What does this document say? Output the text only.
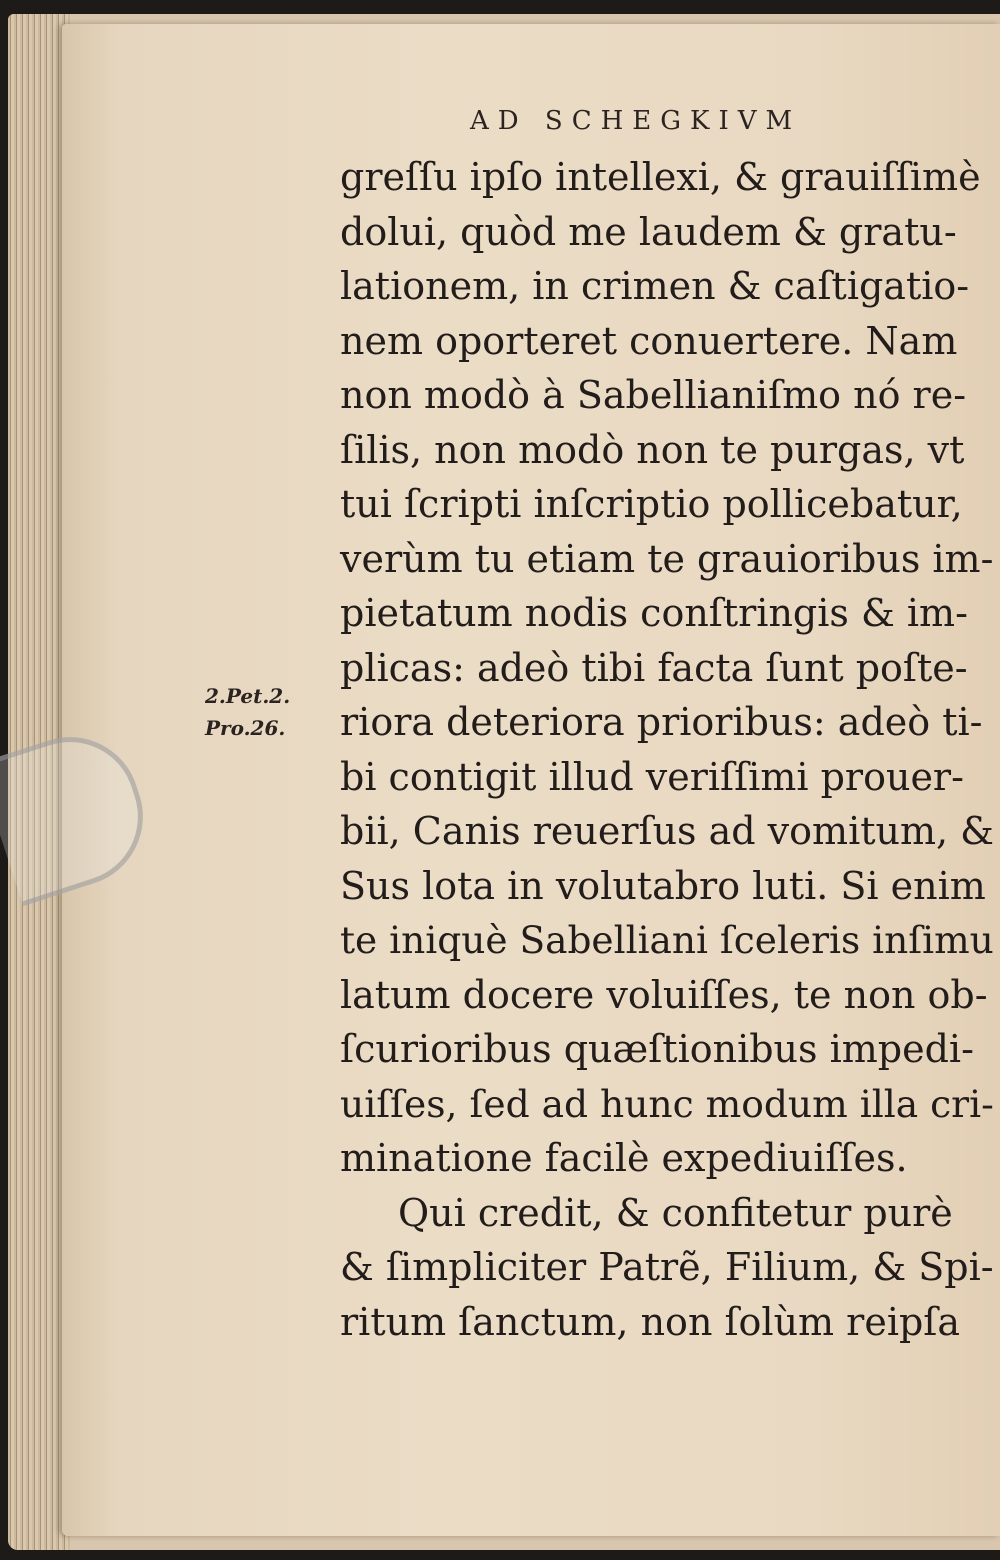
AD SCHEGKIVM
2.Pet.2.
Pro.26.
greſſu ipſo intellexi, & grauiſſimè
dolui, quòd me laudem & gratu-
lationem, in crimen & caſtigatio-
nem oporteret conuertere. Nam
non modò à Sabellianiſmo nó re-
ſilis, non modò non te purgas, vt
tui ſcripti inſcriptio pollicebatur,
verùm tu etiam te grauioribus im-
pietatum nodis conſtringis & im-
plicas: adeò tibi facta ſunt poſte-
riora deteriora prioribus: adeò ti-
bi contigit illud veriſſimi prouer-
bii, Canis reuerſus ad vomitum, &
Sus lota in volutabro luti. Si enim
te iniquè Sabelliani ſceleris inſimu
latum docere voluiſſes, te non ob-
ſcurioribus quæſtionibus impedi-
uiſſes, ſed ad hunc modum illa cri-
minatione facilè expediuiſſes.
Qui credit, & confitetur purè
& ſimpliciter Patrẽ, Filium, & Spi-
ritum ſanctum, non ſolùm reipſa
